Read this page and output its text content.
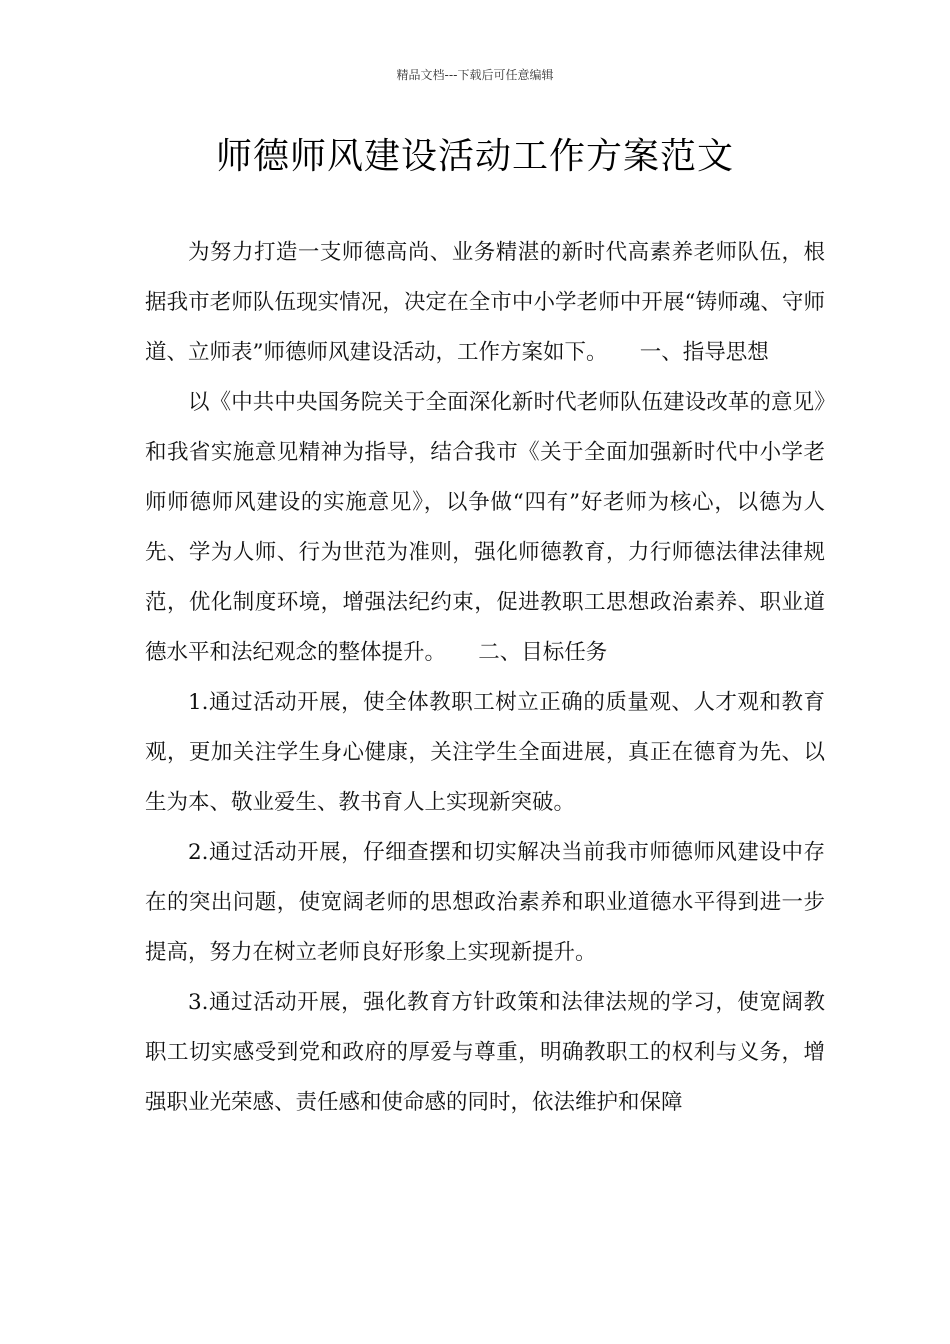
精品文档---下载后可任意编辑
师德师风建设活动工作方案范文

为努力打造一支师德高尚、业务精湛的新时代高素养老师队伍，根据我市老师队伍现实情况，决定在全市中小学老师中开展“铸师魂、守师道、立师表”师德师风建设活动，工作方案如下。　　一、指导思想

以《中共中央国务院关于全面深化新时代老师队伍建设改革的意见》和我省实施意见精神为指导，结合我市《关于全面加强新时代中小学老师师德师风建设的实施意见》，以争做“四有”好老师为核心，以德为人先、学为人师、行为世范为准则，强化师德教育，力行师德法律法律规范，优化制度环境，增强法纪约束，促进教职工思想政治素养、职业道德水平和法纪观念的整体提升。　　二、目标任务

1.通过活动开展，使全体教职工树立正确的质量观、人才观和教育观，更加关注学生身心健康，关注学生全面进展，真正在德育为先、以生为本、敬业爱生、教书育人上实现新突破。

2.通过活动开展，仔细查摆和切实解决当前我市师德师风建设中存在的突出问题，使宽阔老师的思想政治素养和职业道德水平得到进一步提高，努力在树立老师良好形象上实现新提升。

3.通过活动开展，强化教育方针政策和法律法规的学习，使宽阔教职工切实感受到党和政府的厚爱与尊重，明确教职工的权利与义务，增强职业光荣感、责任感和使命感的同时，依法维护和保障
